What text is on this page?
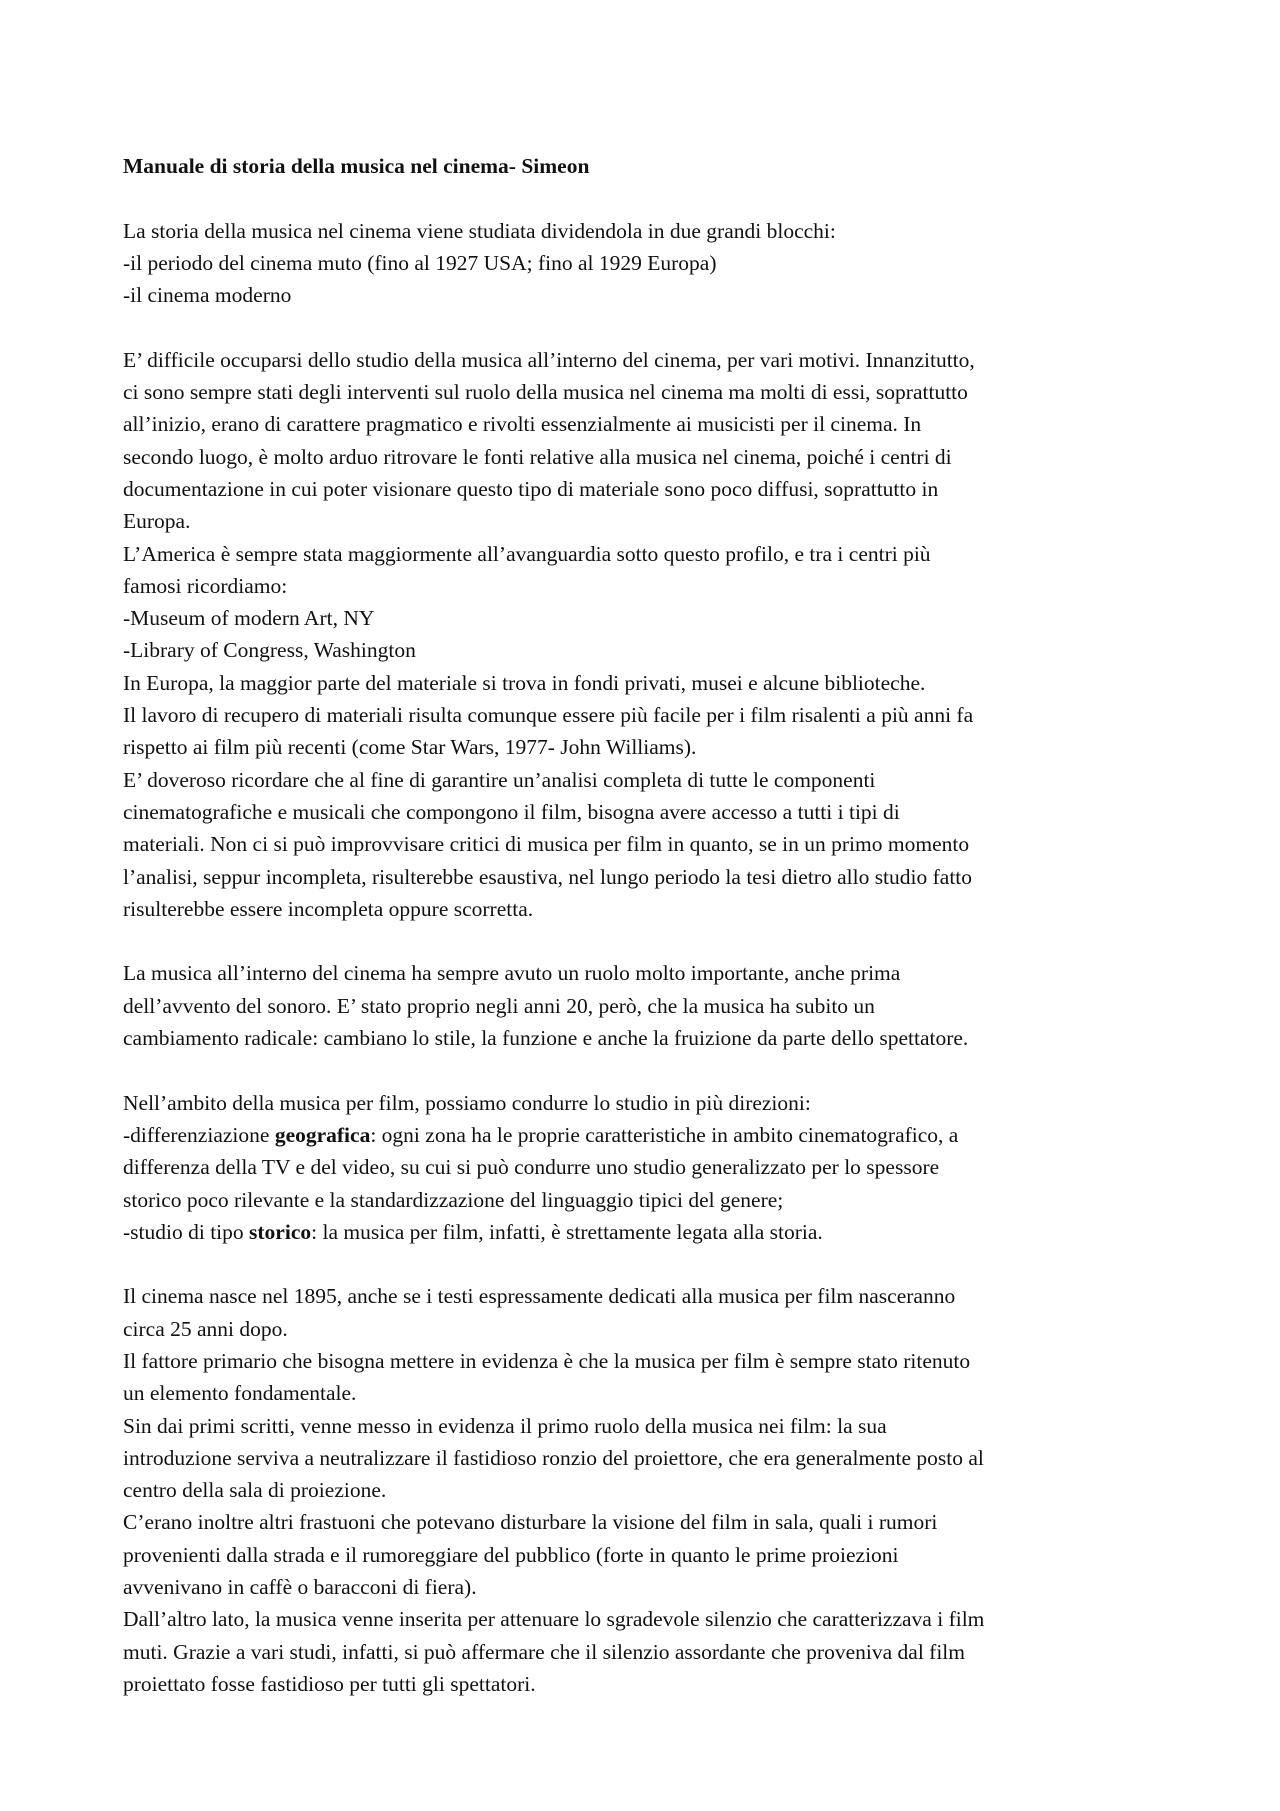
Manuale di storia della musica nel cinema- Simeon
La storia della musica nel cinema viene studiata dividendola in due grandi blocchi:
-il periodo del cinema muto (fino al 1927 USA; fino al 1929 Europa)
-il cinema moderno
E’ difficile occuparsi dello studio della musica all’interno del cinema, per vari motivi. Innanzitutto,
ci sono sempre stati degli interventi sul ruolo della musica nel cinema ma molti di essi, soprattutto
all’inizio, erano di carattere pragmatico e rivolti essenzialmente ai musicisti per il cinema. In
secondo luogo, è molto arduo ritrovare le fonti relative alla musica nel cinema, poiché i centri di
documentazione in cui poter visionare questo tipo di materiale sono poco diffusi, soprattutto in
Europa.
L’America è sempre stata maggiormente all’avanguardia sotto questo profilo, e tra i centri più
famosi ricordiamo:
-Museum of modern Art, NY
-Library of Congress, Washington
In Europa, la maggior parte del materiale si trova in fondi privati, musei e alcune biblioteche.
Il lavoro di recupero di materiali risulta comunque essere più facile per i film risalenti a più anni fa
rispetto ai film più recenti (come Star Wars, 1977- John Williams).
E’ doveroso ricordare che al fine di garantire un’analisi completa di tutte le componenti
cinematografiche e musicali che compongono il film, bisogna avere accesso a tutti i tipi di
materiali. Non ci si può improvvisare critici di musica per film in quanto, se in un primo momento
l’analisi, seppur incompleta, risulterebbe esaustiva, nel lungo periodo la tesi dietro allo studio fatto
risulterebbe essere incompleta oppure scorretta.
La musica all’interno del cinema ha sempre avuto un ruolo molto importante, anche prima
dell’avvento del sonoro. E’ stato proprio negli anni 20, però, che la musica ha subito un
cambiamento radicale: cambiano lo stile, la funzione e anche la fruizione da parte dello spettatore.
Nell’ambito della musica per film, possiamo condurre lo studio in più direzioni:
-differenziazione geografica: ogni zona ha le proprie caratteristiche in ambito cinematografico, a
differenza della TV e del video, su cui si può condurre uno studio generalizzato per lo spessore
storico poco rilevante e la standardizzazione del linguaggio tipici del genere;
-studio di tipo storico: la musica per film, infatti, è strettamente legata alla storia.
Il cinema nasce nel 1895, anche se i testi espressamente dedicati alla musica per film nasceranno
circa 25 anni dopo.
Il fattore primario che bisogna mettere in evidenza è che la musica per film è sempre stato ritenuto
un elemento fondamentale.
Sin dai primi scritti, venne messo in evidenza il primo ruolo della musica nei film: la sua
introduzione serviva a neutralizzare il fastidioso ronzio del proiettore, che era generalmente posto al
centro della sala di proiezione.
C’erano inoltre altri frastuoni che potevano disturbare la visione del film in sala, quali i rumori
provenienti dalla strada e il rumoreggiare del pubblico (forte in quanto le prime proiezioni
avvenivano in caffè o baracconi di fiera).
Dall’altro lato, la musica venne inserita per attenuare lo sgradevole silenzio che caratterizzava i film
muti. Grazie a vari studi, infatti, si può affermare che il silenzio assordante che proveniva dal film
proiettato fosse fastidioso per tutti gli spettatori.
